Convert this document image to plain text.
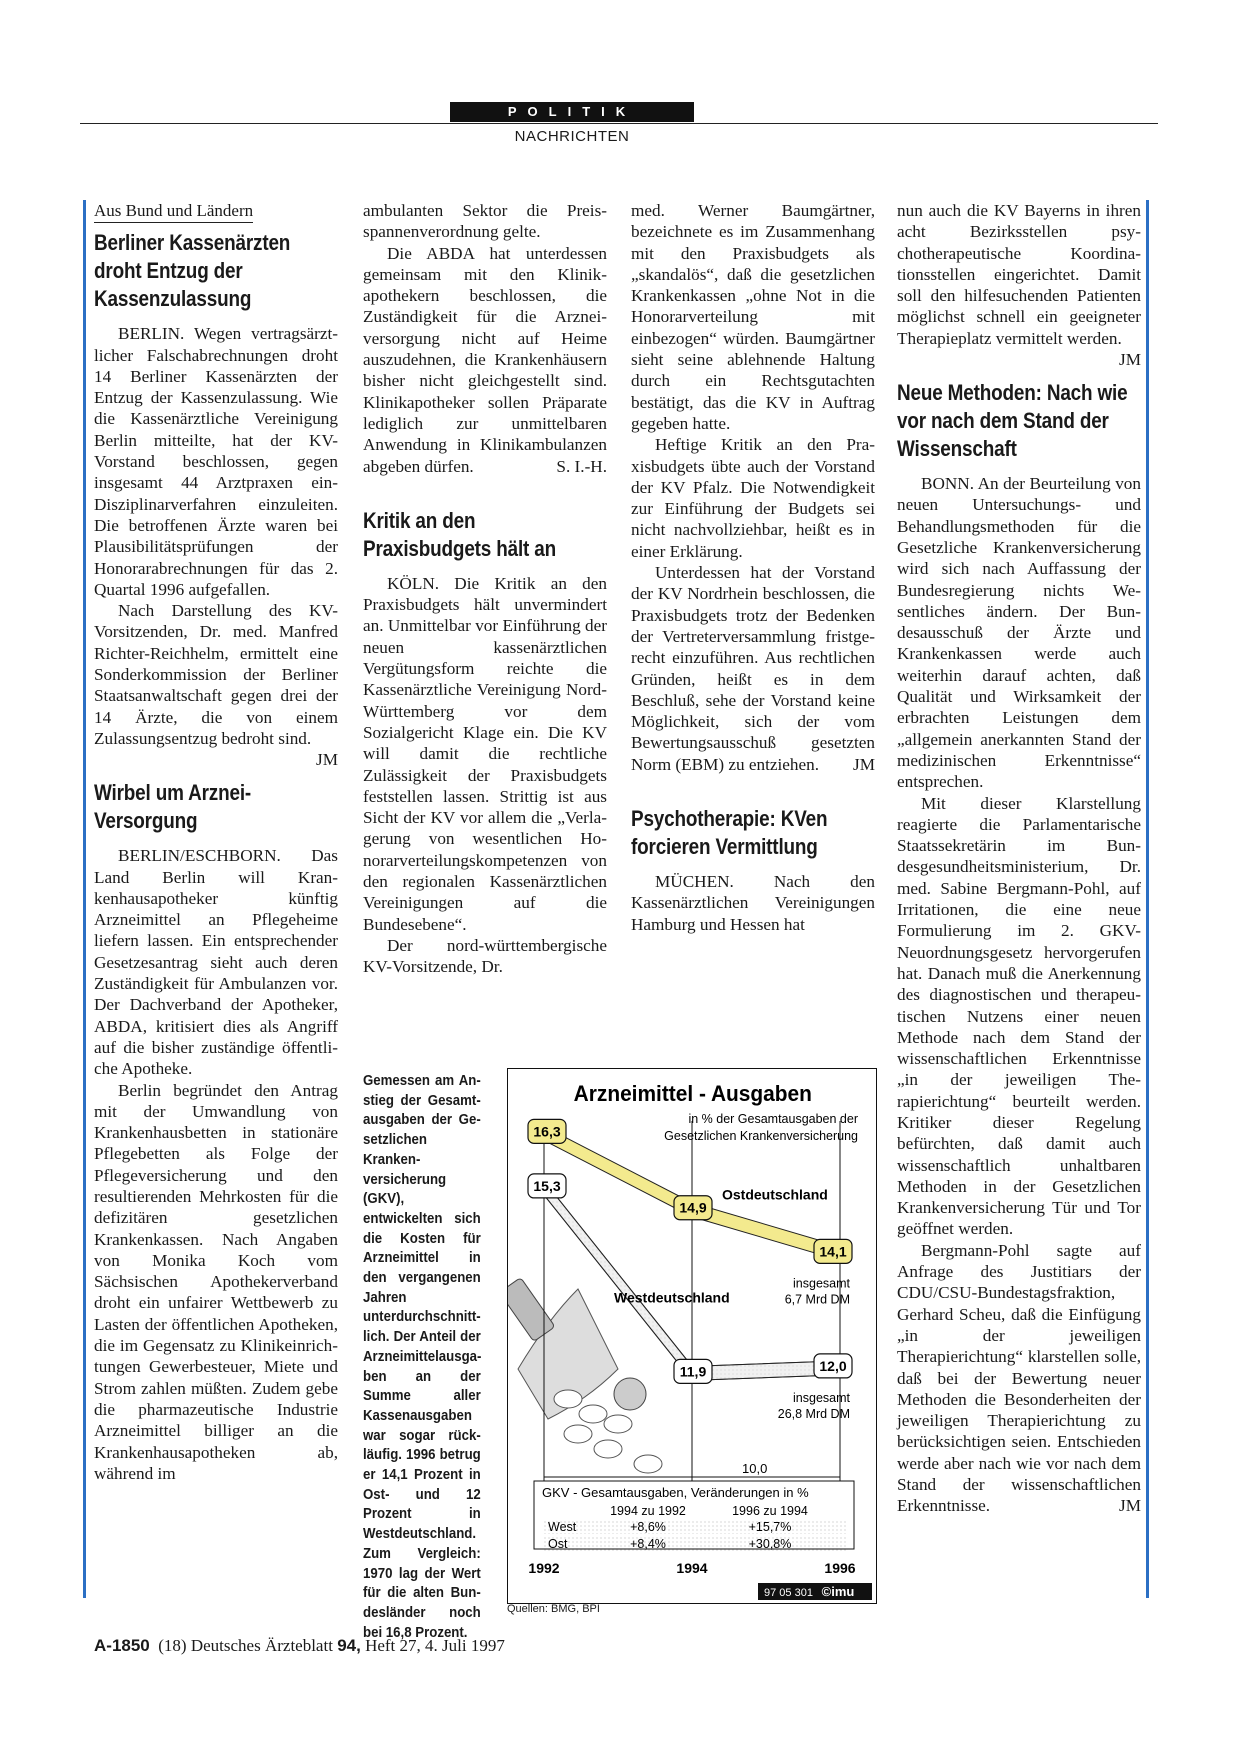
POLITIK
NACHRICHTEN
Aus Bund und Ländern
Berliner Kassenärzten droht Entzug der Kassenzulassung

BERLIN. Wegen vertragsärztlicher Falschabrechnungen droht 14 Berliner Kassenärzten der Entzug der Kassenzulassung. Wie die Kassenärztliche Vereinigung Berlin mitteilte, hat der KV-Vorstand beschlossen, gegen insgesamt 44 Arztpraxen einDisziplinarverfahren einzuleiten. Die betroffenen Ärzte waren bei Plausibilitätsprüfungen der Honorarabrechnungen für das 2. Quartal 1996 aufgefallen.

Nach Darstellung des KV-Vorsitzenden, Dr. med. Manfred Richter-Reichhelm, ermittelt eine Sonderkommission der Berliner Staatsanwaltschaft gegen drei der 14 Ärzte, die von einem Zulassungsentzug bedroht sind.
JM

Wirbel um Arznei-Versorgung

BERLIN/ESCHBORN. Das Land Berlin will Krankenhausapotheker künftig Arzneimittel an Pflegeheime liefern lassen. Ein entsprechender Gesetzesantrag sieht auch deren Zuständigkeit für Ambulanzen vor. Der Dachverband der Apotheker, ABDA, kritisiert dies als Angriff auf die bisher zuständige öffentliche Apotheke.

Berlin begründet den Antrag mit der Umwandlung von Krankenhausbetten in stationäre Pflegebetten als Folge der Pflegeversicherung und den resultierenden Mehrkosten für die defizitären gesetzlichen Krankenkassen. Nach Angaben von Monika Koch vom Sächsischen Apothekerverband droht ein unfairer Wettbewerb zu Lasten der öffentlichen Apotheken, die im Gegensatz zu Klinikeinrichtungen Gewerbesteuer, Miete und Strom zahlen müßten. Zudem gebe die pharmazeutische Industrie Arzneimittel billiger an die Krankenhausapotheken ab, während im

ambulanten Sektor die Preisspannenverordnung gelte.

Die ABDA hat unterdessen gemeinsam mit den Klinikapothekern beschlossen, die Zuständigkeit für die Arzneiversorgung nicht auf Heime auszudehnen, die Krankenhäusern bisher nicht gleichgestellt sind. Klinikapotheker sollen Präparate lediglich zur unmittelbaren Anwendung in Klinikambulanzen abgeben dürfen.	S. I.-H.

Kritik an den Praxisbudgets hält an

KÖLN. Die Kritik an den Praxisbudgets hält unvermindert an. Unmittelbar vor Einführung der neuen kassenärztlichen Vergütungsform reichte die Kassenärztliche Vereinigung Nord-Württemberg vor dem Sozialgericht Klage ein. Die KV will damit die rechtliche Zulässigkeit der Praxisbudgets feststellen lassen. Strittig ist aus Sicht der KV vor allem die „Verlagerung von wesentlichen Honorarverteilungskompetenzen von den regionalen Kassenärztlichen Vereinigungen auf die Bundesebene“.

Der nord-württembergische KV-Vorsitzende, Dr.

Gemessen am Anstieg der Gesamtausgaben der Gesetzlichen Krankenversicherung (GKV), entwickelten sich die Kosten für Arzneimittel in den vergangenen Jahren unterdurchschnittlich. Der Anteil der Arzneimittelausgaben an der Summe aller Kassenausgaben war sogar rückläufig. 1996 betrug er 14,1 Prozent in Ost- und 12 Prozent in Westdeutschland. Zum Vergleich: 1970 lag der Wert für die alten Bundesländer noch bei 16,8 Prozent.
Arzneimittel - Ausgaben
in % der Gesamtausgaben der
Gesetzlichen Krankenversicherung
10,0
16,3
14,9
14,1
15,3
11,9	12,0
Ostdeutschland
Westdeutschland
insgesamt
6,7 Mrd DM
insgesamt
26,8 Mrd DM
GKV - Gesamtausgaben, Veränderungen in %
1994 zu 1992	1996 zu 1994
West	+8,6%	+15,7%
Ost	+8,4%	+30,8%
1992	1994	1996
97 05 301 ©imu
Quellen: BMG, BPI

med. Werner Baumgärtner, bezeichnete es im Zusammenhang mit den Praxisbudgets als „skandalös“, daß die gesetzlichen Krankenkassen „ohne Not in die Honorarverteilung mit einbezogen“ würden. Baumgärtner sieht seine ablehnende Haltung durch ein Rechtsgutachten bestätigt, das die KV in Auftrag gegeben hatte.

Heftige Kritik an den Praxisbudgets übte auch der Vorstand der KV Pfalz. Die Notwendigkeit zur Einführung der Budgets sei nicht nachvollziehbar, heißt es in einer Erklärung.

Unterdessen hat der Vorstand der KV Nordrhein beschlossen, die Praxisbudgets trotz der Bedenken der Vertreterversammlung fristgerecht einzuführen. Aus rechtlichen Gründen, heißt es in dem Beschluß, sehe der Vorstand keine Möglichkeit, sich der vom Bewertungsausschuß gesetzten Norm (EBM) zu entziehen.	JM

Psychotherapie: KVen forcieren Vermittlung

MÜCHEN. Nach den Kassenärztlichen Vereinigungen Hamburg und Hessen hat

nun auch die KV Bayerns in ihren acht Bezirksstellen psychotherapeutische Koordinationsstellen eingerichtet. Damit soll den hilfesuchenden Patienten möglichst schnell ein geeigneter Therapieplatz vermittelt werden.
JM

Neue Methoden: Nach wie vor nach dem Stand der Wissenschaft

BONN. An der Beurteilung von neuen Untersuchungs- und Behandlungsmethoden für die Gesetzliche Krankenversicherung wird sich nach Auffassung der Bundesregierung nichts Wesentliches ändern. Der Bundesausschuß der Ärzte und Krankenkassen werde auch weiterhin darauf achten, daß Qualität und Wirksamkeit der erbrachten Leistungen dem „allgemein anerkannten Stand der medizinischen Erkenntnisse“ entsprechen.

Mit dieser Klarstellung reagierte die Parlamentarische Staatssekretärin im Bundesgesundheitsministerium, Dr. med. Sabine Bergmann-Pohl, auf Irritationen, die eine neue Formulierung im 2. GKV-Neuordnungsgesetz hervorgerufen hat. Danach muß die Anerkennung des diagnostischen und therapeutischen Nutzens einer neuen Methode nach dem Stand der wissenschaftlichen Erkenntnisse „in der jeweiligen Therapierichtung“ beurteilt werden. Kritiker dieser Regelung befürchten, daß damit auch wissenschaftlich unhaltbaren Methoden in der Gesetzlichen Krankenversicherung Tür und Tor geöffnet werden.

Bergmann-Pohl sagte auf Anfrage des Justitiars der CDU/CSU-Bundestagsfraktion, Gerhard Scheu, daß die Einfügung „in der jeweiligen Therapierichtung“ klarstellen solle, daß bei der Bewertung neuer Methoden die Besonderheiten der jeweiligen Therapierichtung zu berücksichtigen seien. Entschieden werde aber nach wie vor nach dem Stand der wissenschaftlichen Erkenntnisse.	JM

A-1850 (18) Deutsches Ärzteblatt 94, Heft 27, 4. Juli 1997
